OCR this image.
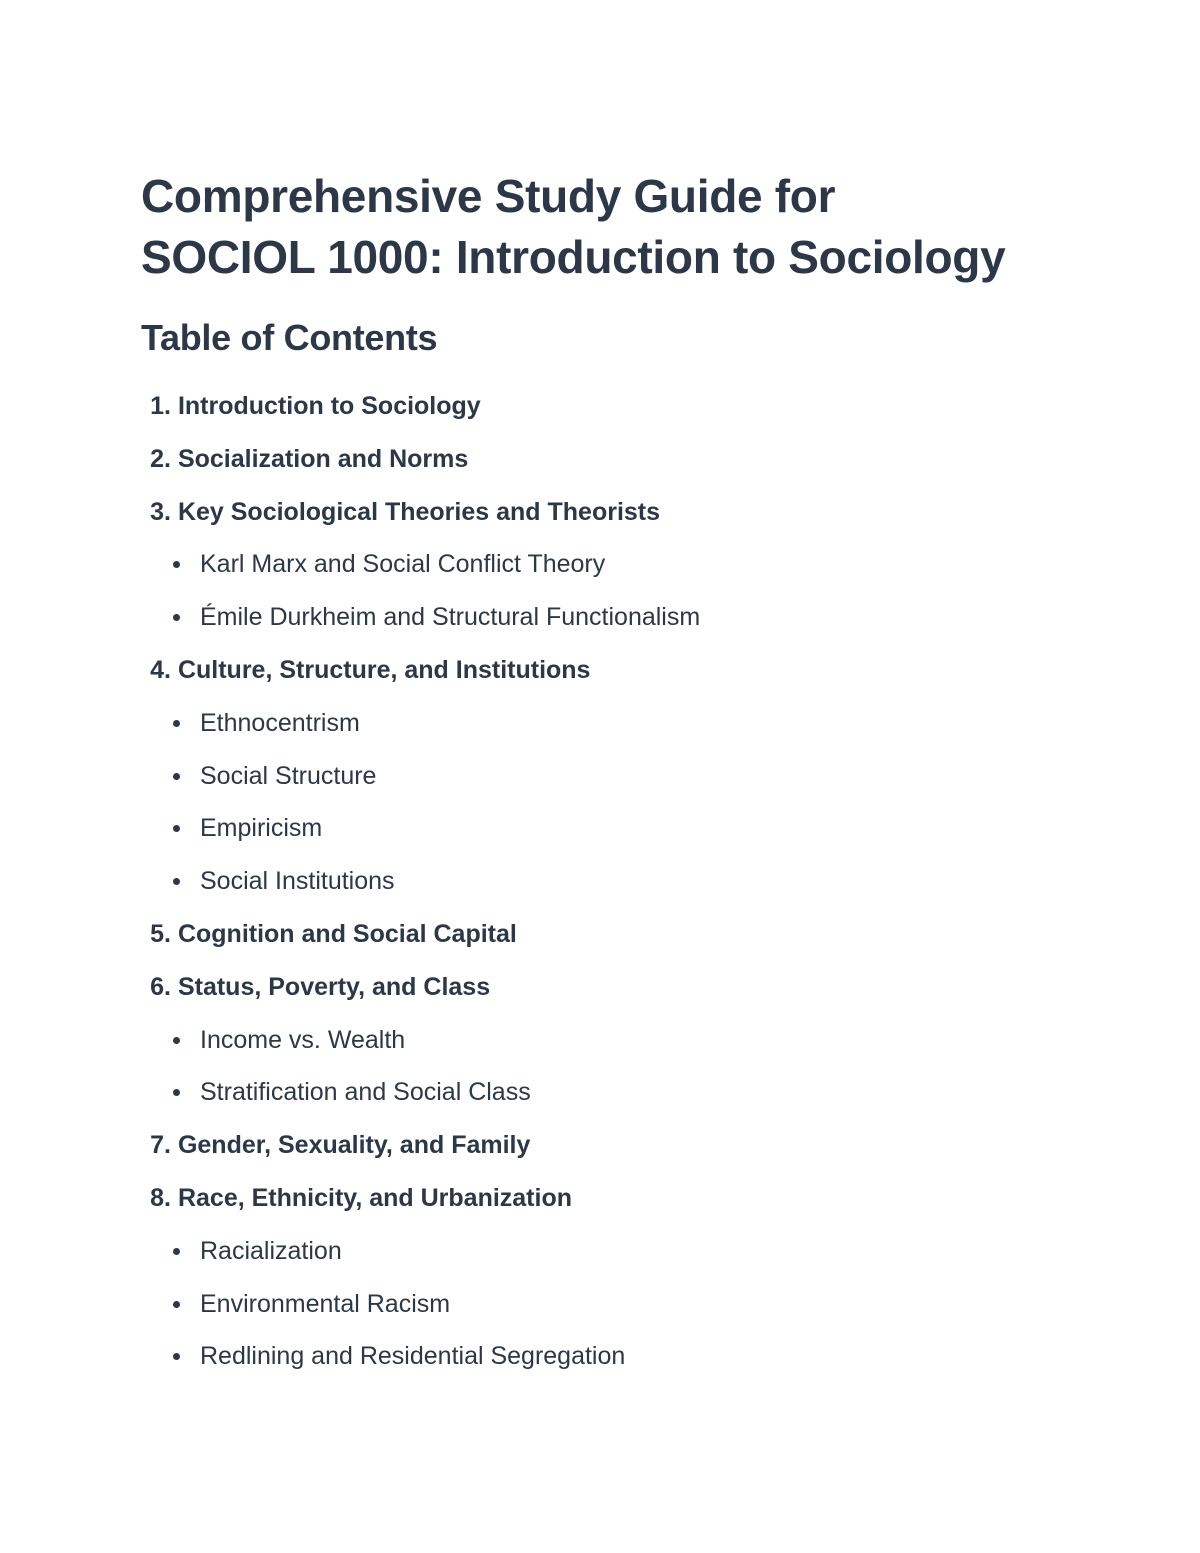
Comprehensive Study Guide for
SOCIOL 1000: Introduction to Sociology
Table of Contents
1. Introduction to Sociology
2. Socialization and Norms
3. Key Sociological Theories and Theorists
Karl Marx and Social Conflict Theory
Émile Durkheim and Structural Functionalism
4. Culture, Structure, and Institutions
Ethnocentrism
Social Structure
Empiricism
Social Institutions
5. Cognition and Social Capital
6. Status, Poverty, and Class
Income vs. Wealth
Stratification and Social Class
7. Gender, Sexuality, and Family
8. Race, Ethnicity, and Urbanization
Racialization
Environmental Racism
Redlining and Residential Segregation
